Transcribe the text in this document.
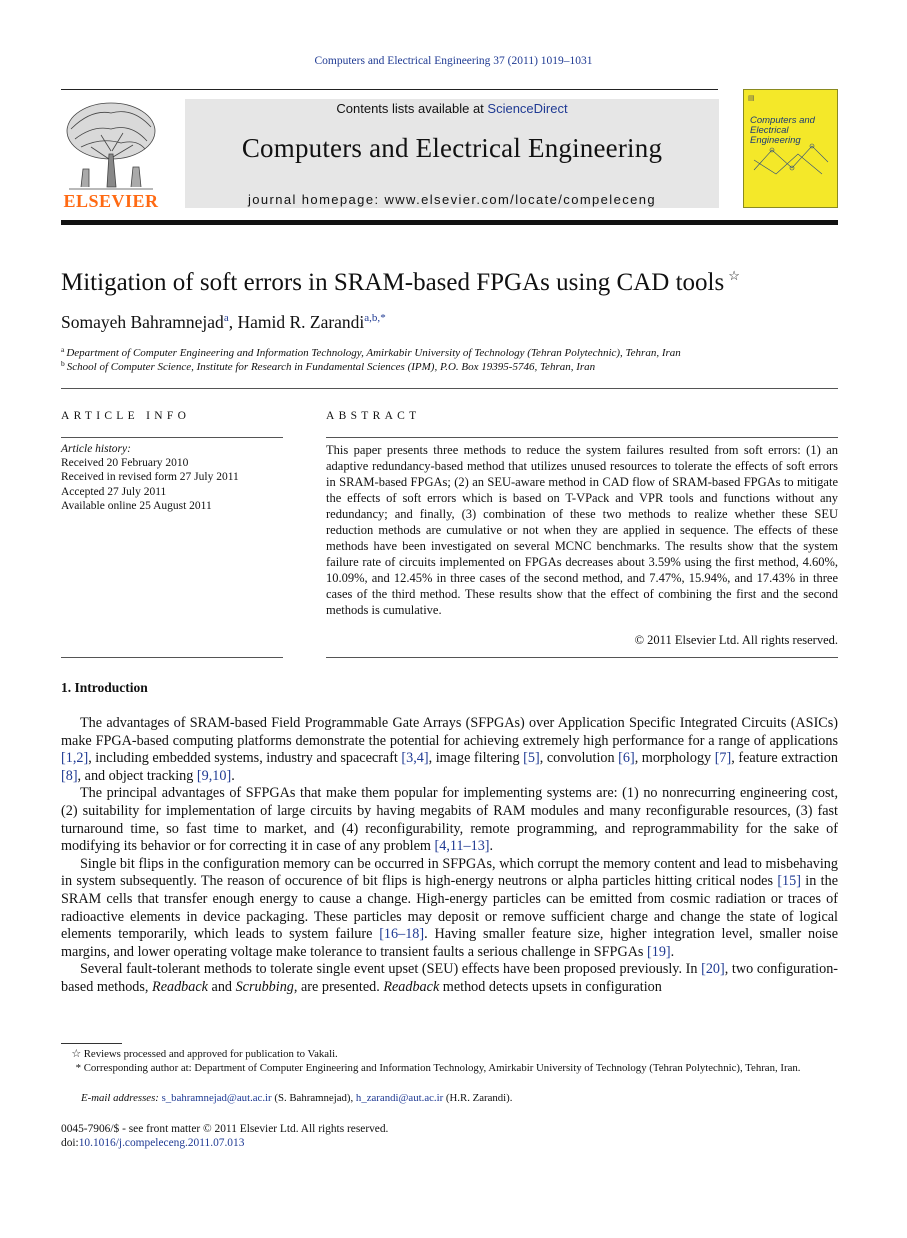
Computers and Electrical Engineering 37 (2011) 1019–1031
ELSEVIER
Contents lists available at ScienceDirect
Computers and Electrical Engineering
journal homepage: www.elsevier.com/locate/compeleceng
▤
Computers and
Electrical Engineering
Mitigation of soft errors in SRAM-based FPGAs using CAD tools ☆
Somayeh Bahramnejad$^a$, Hamid R. Zarandi$^{a,b,*}$
$^a$ Department of Computer Engineering and Information Technology, Amirkabir University of Technology (Tehran Polytechnic), Tehran, Iran
$^b$ School of Computer Science, Institute for Research in Fundamental Sciences (IPM), P.O. Box 19395-5746, Tehran, Iran
ARTICLE INFO
Article history:
Received 20 February 2010
Received in revised form 27 July 2011
Accepted 27 July 2011
Available online 25 August 2011
ABSTRACT
This paper presents three methods to reduce the system failures resulted from soft errors: (1) an adaptive redundancy-based method that utilizes unused resources to tolerate the effects of soft errors in SRAM-based FPGAs; (2) an SEU-aware method in CAD flow of SRAM-based FPGAs to mitigate the effects of soft errors which is based on T-VPack and VPR tools and functions without any redundancy; and finally, (3) combination of these two methods to realize whether these SEU reduction methods are cumulative or not when they are applied in sequence. The effects of these methods have been investigated on several MCNC benchmarks. The results show that the system failure rate of circuits implemented on FPGAs decreases about 3.59% using the first method, 4.60%, 10.09%, and 12.45% in three cases of the second method, and 7.47%, 15.94%, and 17.43% in three cases of the third method. These results show that the effect of combining the first and the second methods is cumulative.
© 2011 Elsevier Ltd. All rights reserved.
1. Introduction

The advantages of SRAM-based Field Programmable Gate Arrays (SFPGAs) over Application Specific Integrated Circuits (ASICs) make FPGA-based computing platforms demonstrate the potential for achieving extremely high performance for a range of applications [1,2], including embedded systems, industry and spacecraft [3,4], image filtering [5], convolution [6], morphology [7], feature extraction [8], and object tracking [9,10].

The principal advantages of SFPGAs that make them popular for implementing systems are: (1) no nonrecurring engineering cost, (2) suitability for implementation of large circuits by having megabits of RAM modules and many reconfigurable resources, (3) fast turnaround time, so fast time to market, and (4) reconfigurability, remote programming, and reprogrammability for the sake of modifying its behavior or for correcting it in case of any problem [4,11–13].

Single bit flips in the configuration memory can be occurred in SFPGAs, which corrupt the memory content and lead to misbehaving in system subsequently. The reason of occurence of bit flips is high-energy neutrons or alpha particles hitting critical nodes [15] in the SRAM cells that transfer enough energy to cause a change. High-energy particles can be emitted from cosmic radiation or traces of radioactive elements in device packaging. These particles may deposit or remove sufficient charge and change the state of logical elements temporarily, which leads to system failure [16–18]. Having smaller feature size, higher integration level, smaller noise margins, and lower operating voltage make tolerance to transient faults a serious challenge in SFPGAs [19].

Several fault-tolerant methods to tolerate single event upset (SEU) effects have been proposed previously. In [20], two configuration-based methods, Readback and Scrubbing, are presented. Readback method detects upsets in configuration

☆ Reviews processed and approved for publication to Vakali.
* Corresponding author at: Department of Computer Engineering and Information Technology, Amirkabir University of Technology (Tehran Polytechnic), Tehran, Iran.
E-mail addresses: s_bahramnejad@aut.ac.ir (S. Bahramnejad), h_zarandi@aut.ac.ir (H.R. Zarandi).
0045-7906/$ - see front matter © 2011 Elsevier Ltd. All rights reserved.
doi:10.1016/j.compeleceng.2011.07.013
